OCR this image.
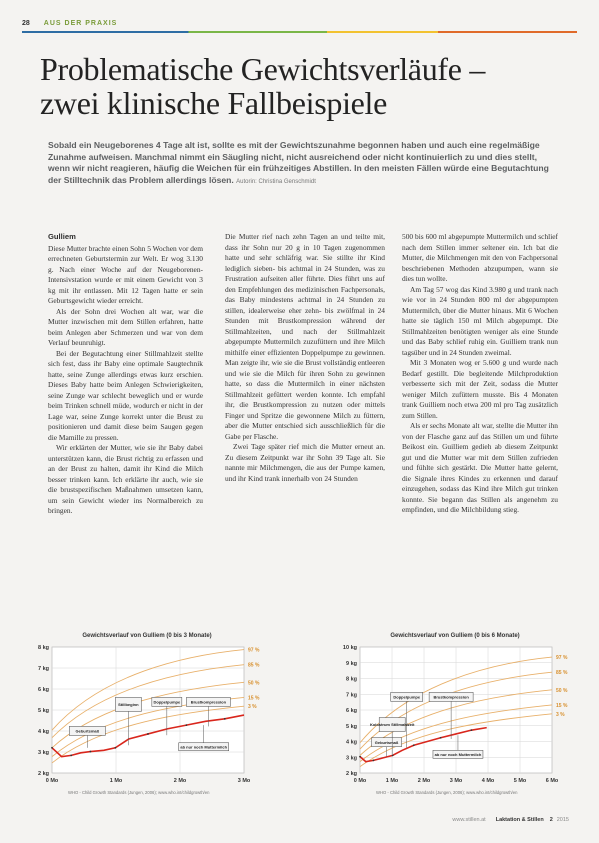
28 AUS DER PRAXIS
Problematische Gewichtsverläufe –
zwei klinische Fallbeispiele

Sobald ein Neugeborenes 4 Tage alt ist, sollte es mit der Gewichtszunahme begonnen haben und auch eine regelmäßige Zunahme aufweisen. Manchmal nimmt ein Säugling nicht, nicht ausreichend oder nicht kontinuierlich zu und dies stellt, wenn wir nicht reagieren, häufig die Weichen für ein frühzeitiges Abstillen. In den meisten Fällen würde eine Begutachtung der Stilltechnik das Problem allerdings lösen. Autorin: Christina Genschmidt

Gulliem

Diese Mutter brachte einen Sohn 5 Wochen vor dem errechneten Geburtstermin zur Welt. Er wog 3.130 g. Nach einer Woche auf der Neugeborenen-Intensivstation wurde er mit einem Gewicht von 3 kg mit ihr entlassen. Mit 12 Tagen hatte er sein Geburtsgewicht wieder erreicht.

Als der Sohn drei Wochen alt war, war die Mutter inzwischen mit dem Stillen erfahren, hatte beim Anlegen aber Schmerzen und war von dem Verlauf beunruhigt.

Bei der Begutachtung einer Stillmahlzeit stellte sich fest, dass ihr Baby eine optimale Saugtechnik hatte, seine Zunge allerdings etwas kurz erschien. Dieses Baby hatte beim Anlegen Schwierigkeiten, seine Zunge war schlecht beweglich und er wurde beim Trinken schnell müde, wodurch er nicht in der Lage war, seine Zunge korrekt unter die Brust zu positionieren und damit diese beim Saugen gegen die Mamille zu pressen.

Wir erklärten der Mutter, wie sie ihr Baby dabei unterstützen kann, die Brust richtig zu erfassen und an der Brust zu halten, damit ihr Kind die Milch besser trinken kann. Ich erklärte ihr auch, wie sie die brustspezifischen Maßnahmen umsetzen kann, um sein Gewicht wieder ins Normalbereich zu bringen.

Die Mutter rief nach zehn Tagen an und teilte mit, dass ihr Sohn nur 20 g in 10 Tagen zugenommen hatte und sehr schläfrig war. Sie stillte ihr Kind lediglich sieben- bis achtmal in 24 Stunden, was zu Frustration aufseiten aller führte. Dies führt uns auf den Empfehlungen des medizinischen Fachpersonals, das Baby mindestens achtmal in 24 Stunden zu stillen, idealerweise eher zehn- bis zwölfmal in 24 Stunden mit Brustkompression während der Stillmahlzeiten, und nach der Stillmahlzeit abgepumpte Muttermilch zuzufüttern und ihre Milch mithilfe einer effizienten Doppelpumpe zu gewinnen. Man zeigte ihr, wie sie die Brust vollständig entleeren und wie sie die Milch für ihren Sohn zu gewinnen hatte, so dass die Muttermilch in einer nächsten Stillmahlzeit gefüttert werden konnte. Ich empfahl ihr, die Brustkompression zu nutzen oder mittels Finger und Spritze die gewonnene Milch zu füttern, aber die Mutter entschied sich ausschließlich für die Gabe per Flasche.

Zwei Tage später rief mich die Mutter erneut an. Zu diesem Zeitpunkt war ihr Sohn 39 Tage alt. Sie nannte mir Milchmengen, die aus der Pumpe kamen, und ihr Kind trank innerhalb von 24 Stunden

500 bis 600 ml abgepumpte Muttermilch und schlief nach dem Stillen immer seltener ein. Ich bat die Mutter, die Milchmengen mit den von Fachpersonal beschriebenen Methoden abzupumpen, wann sie dies tun wollte.

Am Tag 57 wog das Kind 3.980 g und trank nach wie vor in 24 Stunden 800 ml der abgepumpten Muttermilch, über die Mutter hinaus. Mit 6 Wochen hatte sie täglich 150 ml Milch abgepumpt. Die Stillmahlzeiten benötigten weniger als eine Stunde und das Baby schlief ruhig ein. Guilliem trank nun tagsüber und in 24 Stunden zweimal.

Mit 3 Monaten wog er 5.600 g und wurde nach Bedarf gestillt. Die begleitende Milchproduktion verbesserte sich mit der Zeit, sodass die Mutter weniger Milch zufüttern musste. Bis 4 Monaten trank Guilliem noch etwa 200 ml pro Tag zusätzlich zum Stillen.

Als er sechs Monate alt war, stellte die Mutter ihn von der Flasche ganz auf das Stillen um und führte Beikost ein. Guilliem gedieh ab diesem Zeitpunkt gut und die Mutter war mit dem Stillen zufrieden und fühlte sich gestärkt. Die Mutter hatte gelernt, die Signale ihres Kindes zu erkennen und darauf einzugehen, sodass das Kind ihre Milch gut trinken konnte. Sie begann das Stillen als angenehm zu empfinden, und die Milchbildung stieg.

Gewichtsverlauf von Gulliem (0 bis 3 Monate)
2 kg
3 kg
4 kg
5 kg
6 kg
7 kg
8 kg
0 Mo	1 Mo	2 Mo	3 Mo
97 %
85 %
50 %
15 %
3 %
Geburtsmaß
Stillbeginn	Doppelpumpe	Brustkompression
ab nur noch Muttermilch
WHO - Child Growth Standards (Jungen, 2006); www.who.int/childgrowth/en
Gewichtsverlauf von Gulliem (0 bis 6 Monate)
2 kg
3 kg
4 kg
5 kg
6 kg
7 kg
8 kg
9 kg
10 kg
0 Mo	1 Mo	2 Mo	3 Mo	4 Mo	5 Mo	6 Mo
97 %
85 %
50 %
15 %
3 %
Geburtsmaß
Kolostrum Stillmahlzeit
Doppelpumpe	Brustkompression
ab nur noch Muttermilch
WHO - Child Growth Standards (Jungen, 2006); www.who.int/childgrowth/en
www.stillen.at Laktation & Stillen 2 2015
